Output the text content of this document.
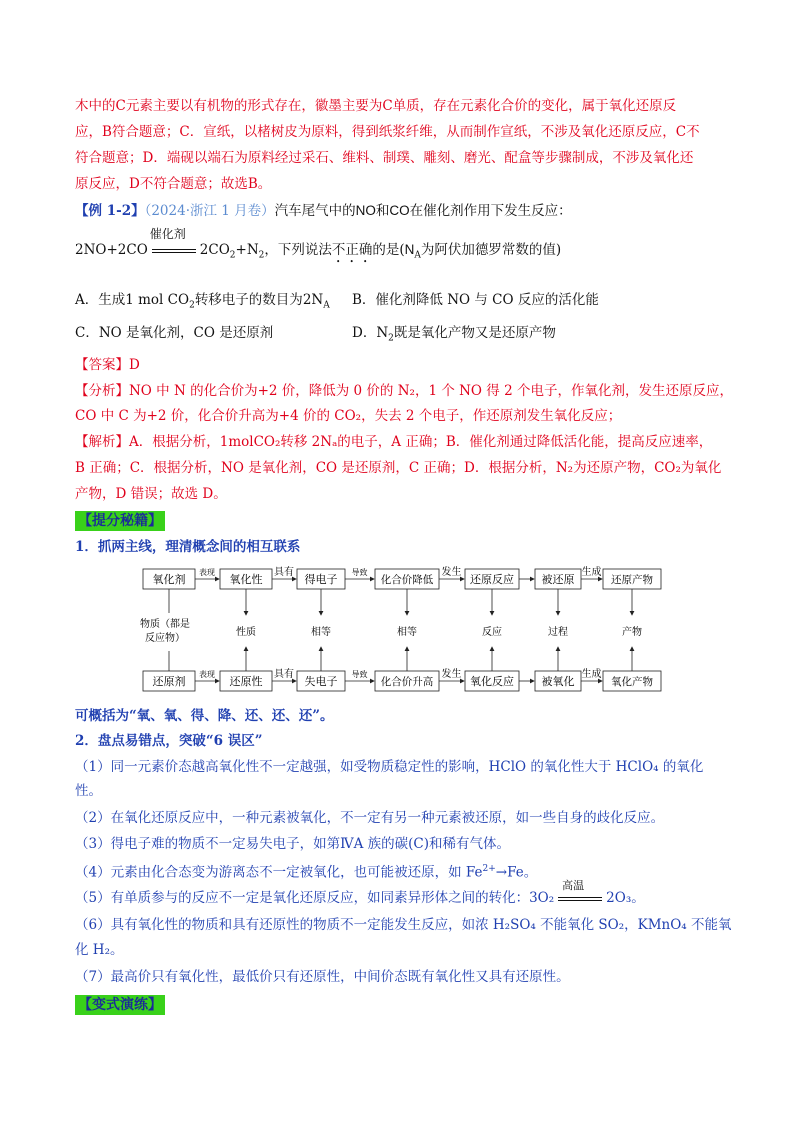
木中的C元素主要以有机物的形式存在，徽墨主要为C单质，存在元素化合价的变化，属于氧化还原反
应，B符合题意；C．宣纸，以楮树皮为原料，得到纸浆纤维，从而制作宣纸，不涉及氧化还原反应，C不
符合题意；D．端砚以端石为原料经过采石、维料、制璞、雕刻、磨光、配盒等步骤制成，不涉及氧化还
原反应，D不符合题意；故选B。
【例 1-2】（2024·浙江 1 月卷）汽车尾气中的NO和CO在催化剂作用下发生反应：
2NO+2CO
催化剂
$2CO_2+N_2$，下列说法不正确的是($N_A$为阿伏加德罗常数的值)
A．生成1 mol $CO_2$转移电子的数目为$2N_A$	B．催化剂降低 NO 与 CO 反应的活化能
C．NO 是氧化剂，CO 是还原剂	D．$N_2$既是氧化产物又是还原产物
【答案】D
【分析】NO 中 N 的化合价为+2 价，降低为 0 价的 N₂，1 个 NO 得 2 个电子，作氧化剂，发生还原反应，
CO 中 C 为+2 价，化合价升高为+4 价的 CO₂，失去 2 个电子，作还原剂发生氧化反应；
【解析】A．根据分析，1molCO₂转移 2Nₐ的电子，A 正确；B．催化剂通过降低活化能，提高反应速率，
B 正确；C．根据分析，NO 是氧化剂，CO 是还原剂，C 正确；D．根据分析，N₂为还原产物，CO₂为氧化
产物，D 错误；故选 D。
【提分秘籍】
1．抓两主线，理清概念间的相互联系
氧化剂	氧化性	得电子	化合价降低	还原反应	被还原	还原产物
还原剂	还原性	失电子	化合价升高	氧化反应	被氧化	氧化产物
表现
表现
具有
具有
导致
导致
发生
发生
生成
生成
物质（都是
反应物）
性质	相等	相等	反应	过程	产物
可概括为“氧、氧、得、降、还、还、还”。
2．盘点易错点，突破“6 误区”
（1）同一元素价态越高氧化性不一定越强，如受物质稳定性的影响，HClO 的氧化性大于 HClO₄ 的氧化
性。
（2）在氧化还原反应中，一种元素被氧化，不一定有另一种元素被还原，如一些自身的歧化反应。
（3）得电子难的物质不一定易失电子，如第ⅣA 族的碳(C)和稀有气体。
（4）元素由化合态变为游离态不一定被氧化，也可能被还原，如 $Fe^{2+}\to Fe$。
（5）有单质参与的反应不一定是氧化还原反应，如同素异形体之间的转化：3O₂
高温
2O₃。
（6）具有氧化性的物质和具有还原性的物质不一定能发生反应，如浓 H₂SO₄ 不能氧化 SO₂，KMnO₄ 不能氧
化 H₂。
（7）最高价只有氧化性，最低价只有还原性，中间价态既有氧化性又具有还原性。
【变式演练】
